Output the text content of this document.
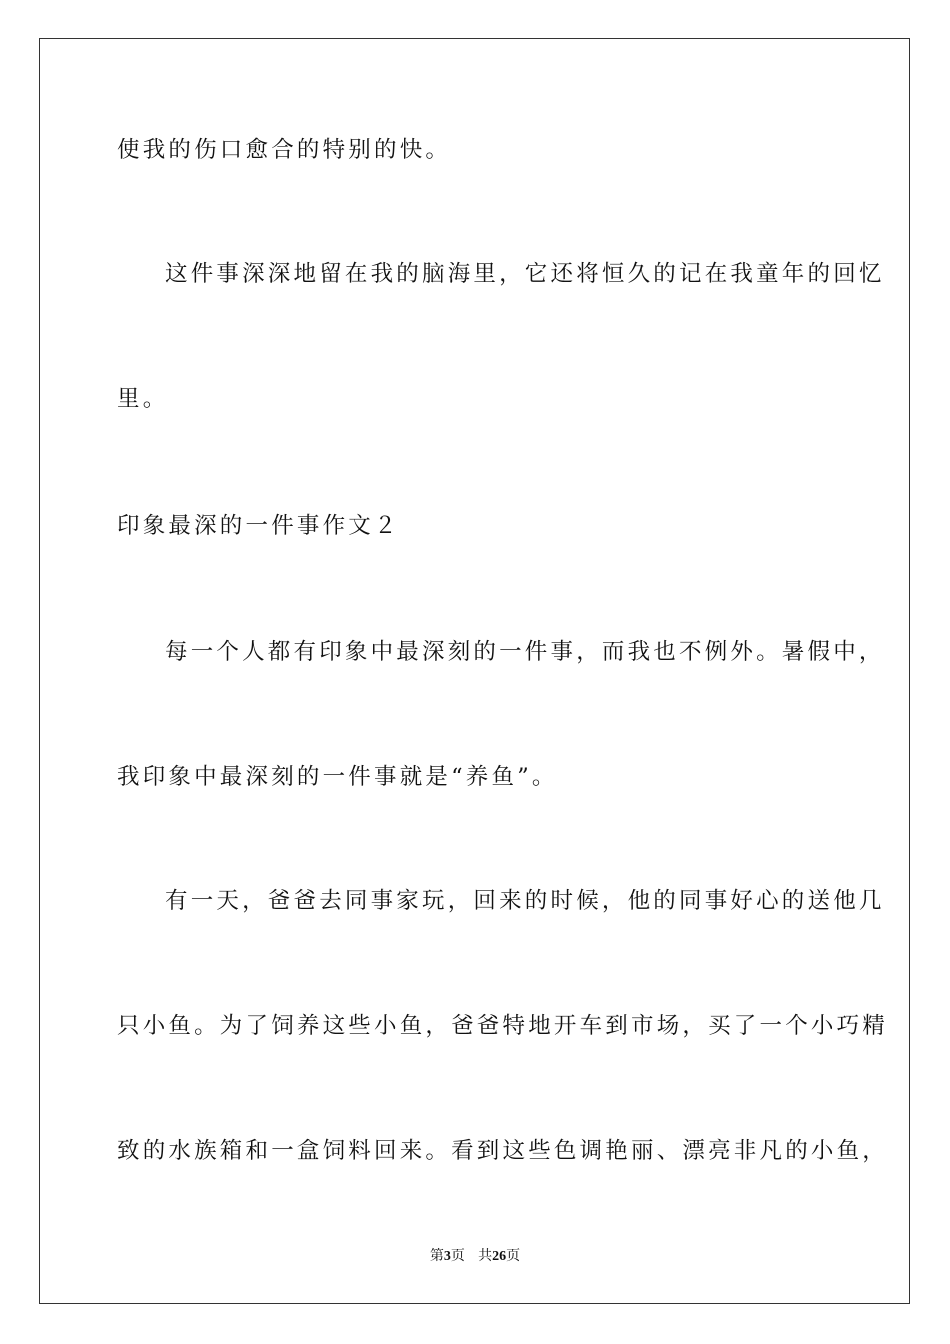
使我的伤口愈合的特别的快。
这件事深深地留在我的脑海里，它还将恒久的记在我童年的回忆
里。
印象最深的一件事作文２
每一个人都有印象中最深刻的一件事，而我也不例外。暑假中，
我印象中最深刻的一件事就是“养鱼”。
有一天，爸爸去同事家玩，回来的时候，他的同事好心的送他几
只小鱼。为了饲养这些小鱼，爸爸特地开车到市场，买了一个小巧精
致的水族箱和一盒饲料回来。看到这些色调艳丽、漂亮非凡的小鱼，
第3页 共26页
